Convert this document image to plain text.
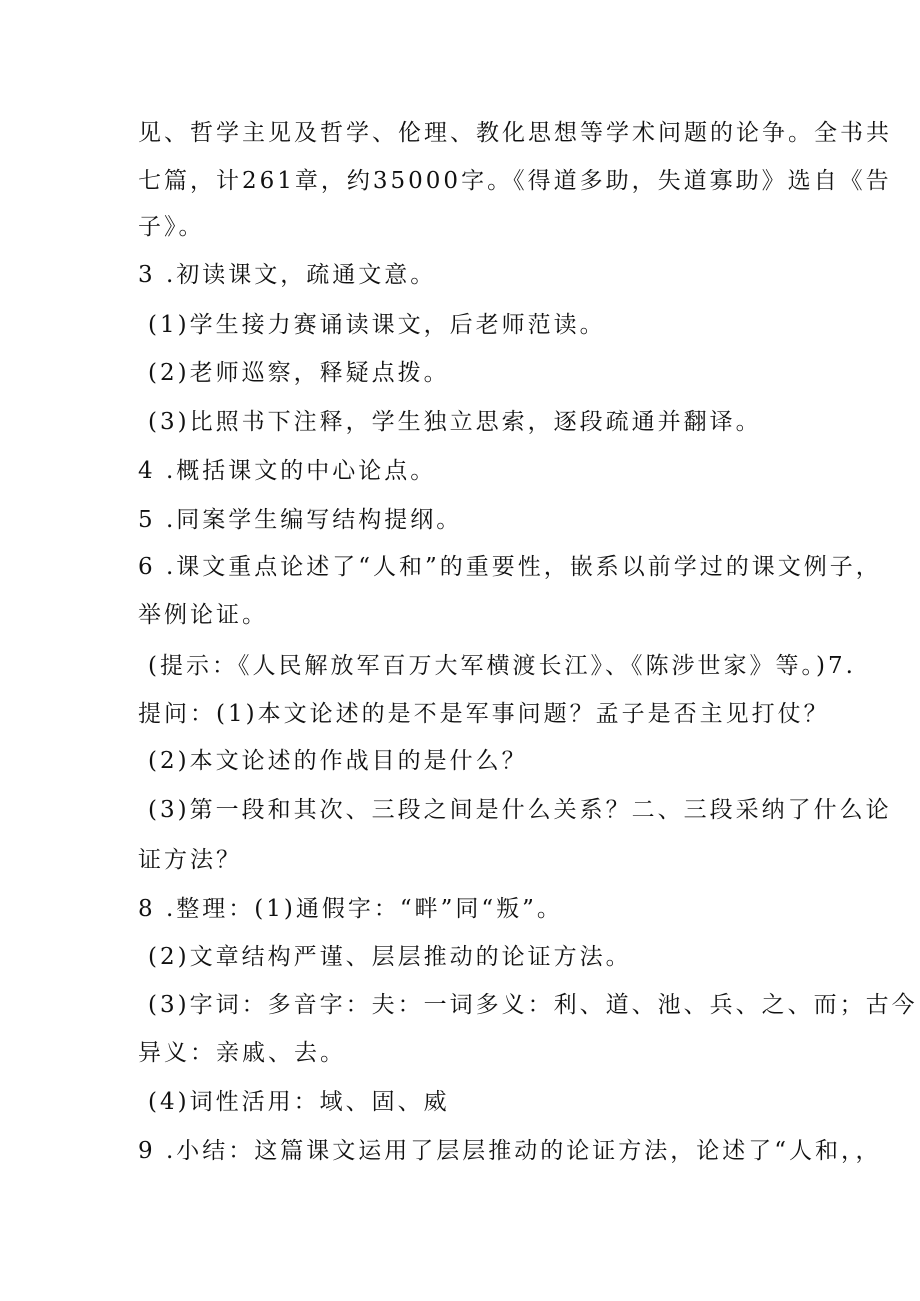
见、哲学主见及哲学、伦理、教化思想等学术问题的论争。全书共
七篇，计261章，约35000字。《得道多助，失道寡助》选自《告
子》。
3 .初读课文，疏通文意。
(1)学生接力赛诵读课文，后老师范读。
(2)老师巡察，释疑点拨。
(3)比照书下注释，学生独立思索，逐段疏通并翻译。
4 .概括课文的中心论点。
5 .同案学生编写结构提纲。
6 .课文重点论述了“人和”的重要性，嵌系以前学过的课文例子，
举例论证。
(提示：《人民解放军百万大军横渡长江》、《陈涉世家》等。)7.
提问：(1)本文论述的是不是军事问题？孟子是否主见打仗？
(2)本文论述的作战目的是什么？
(3)第一段和其次、三段之间是什么关系？二、三段采纳了什么论
证方法？
8 .整理：(1)通假字：“畔”同“叛”。
(2)文章结构严谨、层层推动的论证方法。
(3)字词：多音字：夫：一词多义：利、道、池、兵、之、而；古今
异义：亲戚、去。
(4)词性活用：域、固、威
9 .小结：这篇课文运用了层层推动的论证方法，论述了“人和，，
